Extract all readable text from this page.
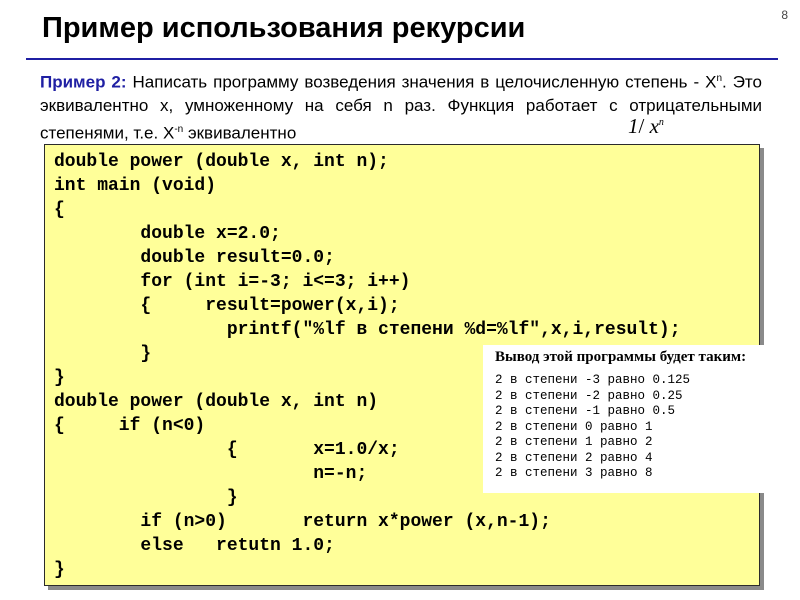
8
Пример использования рекурсии
Пример 2: Написать программу возведения значения в целочисленную степень - $X^n$. Это эквивалентно x, умноженному на себя n раз. Функция работает с отрицательными степенями, т.е. $X^{-n}$ эквивалентно	1/ $x^n$
double power (double x, int n);
int main (void)
{
double x=2.0;
double result=0.0;
for (int i=-3; i<=3; i++)
{     result=power(x,i);
printf("%lf в степени %d=%lf",x,i,result);
}
}
double power (double x, int n)
{     if (n<0)
{       x=1.0/x;
n=-n;
}
if (n>0)       return x*power (x,n-1);
else   retutn 1.0;
}
Вывод этой программы будет таким:
2 в степени -3 равно 0.125
2 в степени -2 равно 0.25
2 в степени -1 равно 0.5
2 в степени 0 равно 1
2 в степени 1 равно 2
2 в степени 2 равно 4
2 в степени 3 равно 8
